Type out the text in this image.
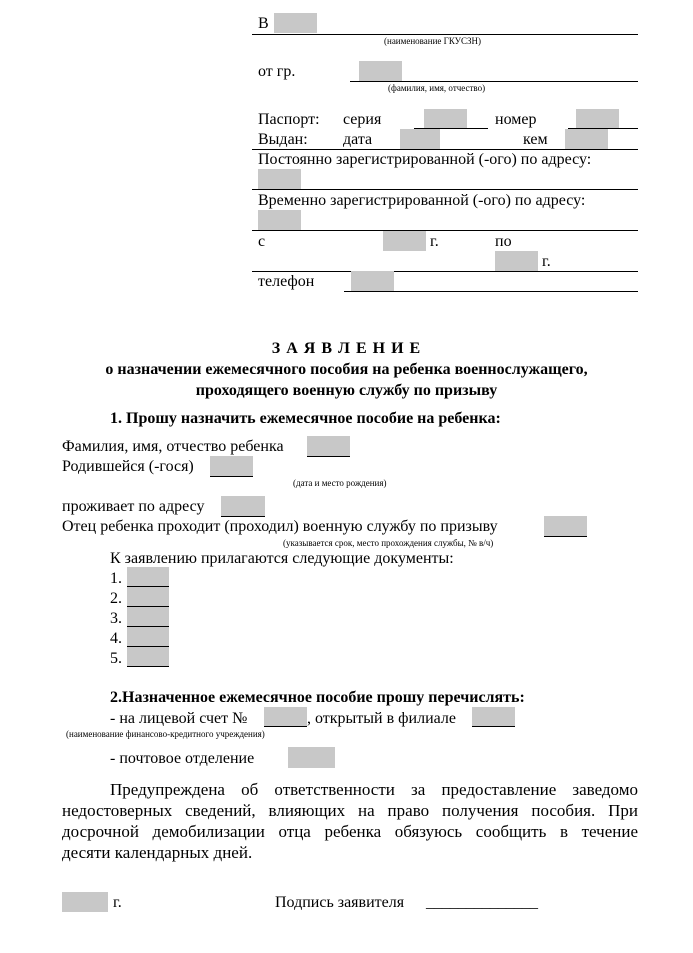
В
(наименование ГКУСЗН)
от гр.
(фамилия, имя, отчество)
Паспорт: серия	номер
Выдан: дата	кем
Постоянно зарегистрированной (-ого) по адресу:
Временно зарегистрированной (-ого) по адресу:
с	г.	по
г.
телефон
З А Я В Л Е Н И Е
о назначении ежемесячного пособия на ребенка военнослужащего,
проходящего военную службу по призыву
1. Прошу назначить ежемесячное пособие на ребенка:
Фамилия, имя, отчество ребенка
Родившейся (-гося)
(дата и место рождения)
проживает по адресу
Отец ребенка проходит (проходил) военную службу по призыву
(указывается срок, место прохождения службы, № в/ч)
К заявлению прилагаются следующие документы:
1.
2.
3.
4.
5.
2.Назначенное ежемесячное пособие прошу перечислять:
- на лицевой счет №	, открытый в филиале
(наименование финансово-кредитного учреждения)
- почтовое отделение
Предупреждена об ответственности за предоставление заведомо
недостоверных сведений, влияющих на право получения пособия. При
досрочной демобилизации отца ребенка обязуюсь сообщить в течение
десяти календарных дней.
г.	Подпись заявителя ______________
